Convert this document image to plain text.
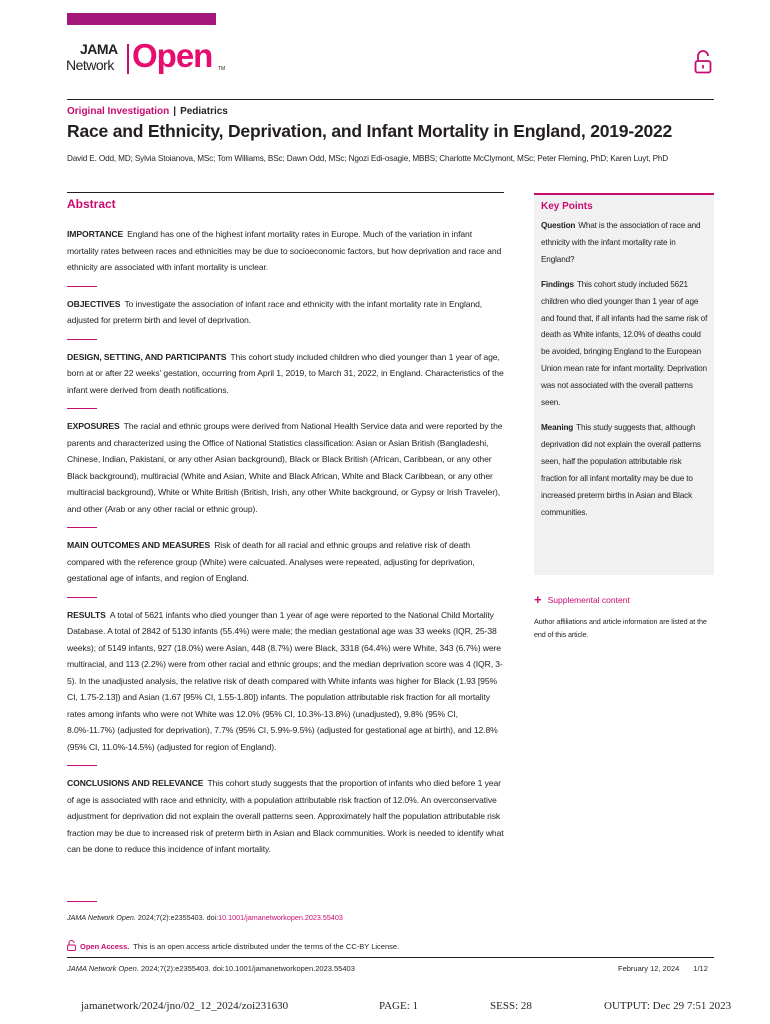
JAMA
Network Open TM
Original Investigation | Pediatrics
Race and Ethnicity, Deprivation, and Infant Mortality in England, 2019-2022
David E. Odd, MD; Sylvia Stoianova, MSc; Tom Williams, BSc; Dawn Odd, MSc; Ngozi Edi-osagie, MBBS; Charlotte McClymont, MSc; Peter Fleming, PhD; Karen Luyt, PhD
Abstract

IMPORTANCE England has one of the highest infant mortality rates in Europe. Much of the variation in infant mortality rates between races and ethnicities may be due to socioeconomic factors, but how deprivation and race and ethnicity are associated with infant mortality is unclear.

OBJECTIVES To investigate the association of infant race and ethnicity with the infant mortality rate in England, adjusted for preterm birth and level of deprivation.

DESIGN, SETTING, AND PARTICIPANTS This cohort study included children who died younger than 1 year of age, born at or after 22 weeks' gestation, occurring from April 1, 2019, to March 31, 2022, in England. Characteristics of the infant were derived from death notifications.

EXPOSURES The racial and ethnic groups were derived from National Health Service data and were reported by the parents and characterized using the Office of National Statistics classification: Asian or Asian British (Bangladeshi, Chinese, Indian, Pakistani, or any other Asian background), Black or Black British (African, Caribbean, or any other Black background), multiracial (White and Asian, White and Black African, White and Black Caribbean, or any other multiracial background), White or White British (British, Irish, any other White background, or Gypsy or Irish Traveler), and other (Arab or any other racial or ethnic group).

MAIN OUTCOMES AND MEASURES Risk of death for all racial and ethnic groups and relative risk of death compared with the reference group (White) were calcuated. Analyses were repeated, adjusting for deprivation, gestational age of infants, and region of England.

RESULTS A total of 5621 infants who died younger than 1 year of age were reported to the National Child Mortality Database. A total of 2842 of 5130 infants (55.4%) were male; the median gestational age was 33 weeks (IQR, 25-38 weeks); of 5149 infants, 927 (18.0%) were Asian, 448 (8.7%) were Black, 3318 (64.4%) were White, 343 (6.7%) were multiracial, and 113 (2.2%) were from other racial and ethnic groups; and the median deprivation score was 4 (IQR, 3-5). In the unadjusted analysis, the relative risk of death compared with White infants was higher for Black (1.93 [95% CI, 1.75-2.13]) and Asian (1.67 [95% CI, 1.55-1.80]) infants. The population attributable risk fraction for all mortality rates among infants who were not White was 12.0% (95% CI, 10.3%-13.8%) (unadjusted), 9.8% (95% CI, 8.0%-11.7%) (adjusted for deprivation), 7.7% (95% CI, 5.9%-9.5%) (adjusted for gestational age at birth), and 12.8% (95% CI, 11.0%-14.5%) (adjusted for region of England).

CONCLUSIONS AND RELEVANCE This cohort study suggests that the proportion of infants who died before 1 year of age is associated with race and ethnicity, with a population attributable risk fraction of 12.0%. An overconservative adjustment for deprivation did not explain the overall patterns seen. Approximately half the population attributable risk fraction may be due to increased risk of preterm birth in Asian and Black communities. Work is needed to identify what can be done to reduce this incidence of infant mortality.

Key Points

Question What is the association of race and ethnicity with the infant mortality rate in England?

Findings This cohort study included 5621 children who died younger than 1 year of age and found that, if all infants had the same risk of death as White infants, 12.0% of deaths could be avoided, bringing England to the European Union mean rate for infant mortality. Deprivation was not associated with the overall patterns seen.

Meaning This study suggests that, although deprivation did not explain the overall patterns seen, half the population attributable risk fraction for all infant mortality may be due to increased preterm births in Asian and Black communities.

+ Supplemental content
Author affiliations and article information are listed at the end of this article.
JAMA Network Open. 2024;7(2):e2355403. doi:10.1001/jamanetworkopen.2023.55403
Open Access. This is an open access article distributed under the terms of the CC-BY License.
JAMA Network Open. 2024;7(2):e2355403. doi:10.1001/jamanetworkopen.2023.55403	February 12, 2024 1/12
jamanetwork/2024/jno/02_12_2024/zoi231630	PAGE: 1	SESS: 28	OUTPUT: Dec 29 7:51 2023
